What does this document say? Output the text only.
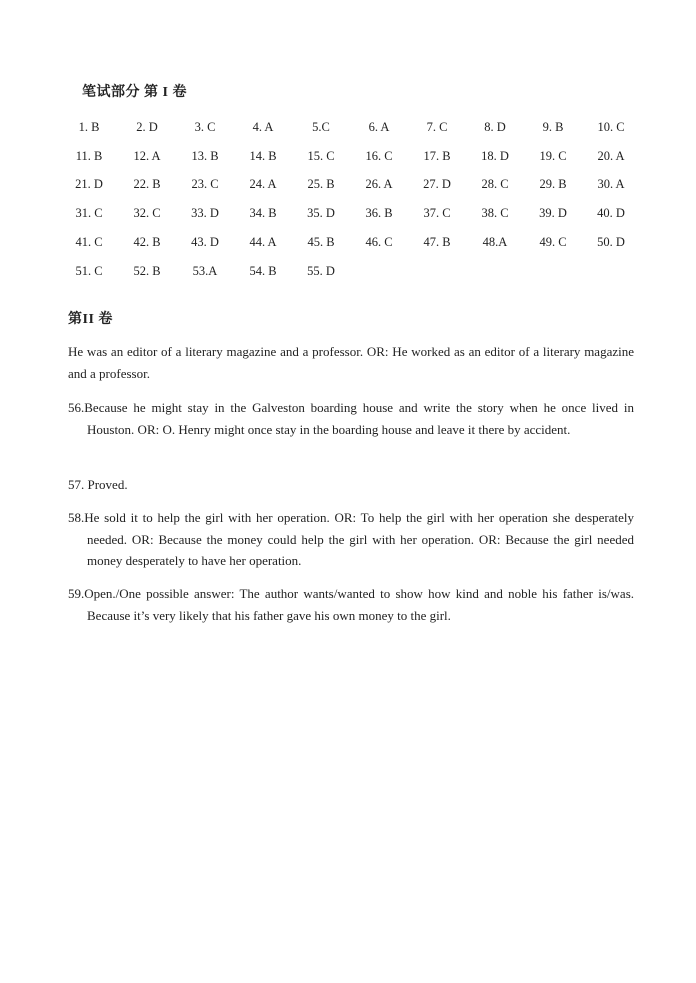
笔试部分 第 I 卷
1. B	2. D	3. C	4. A	5.C	6. A	7. C	8. D	9. B	10. C
11. B	12. A	13. B	14. B	15. C	16. C	17. B	18. D	19. C	20. A
21. D	22. B	23. C	24. A	25. B	26. A	27. D	28. C	29. B	30. A
31. C	32. C	33. D	34. B	35. D	36. B	37. C	38. C	39. D	40. D
41. C	42. B	43. D	44. A	45. B	46. C	47. B	48.A	49. C	50. D
51. C	52. B	53.A	54. B	55. D
第II 卷

He was an editor of a literary magazine and a professor. OR: He worked as an editor of a literary magazine and a professor.

56.Because he might stay in the Galveston boarding house and write the story when he once lived in Houston. OR: O. Henry might once stay in the boarding house and leave it there by accident.

57. Proved.

58.He sold it to help the girl with her operation. OR: To help the girl with her operation she desperately needed. OR: Because the money could help the girl with her operation. OR: Because the girl needed money desperately to have her operation.

59.Open./One possible answer: The author wants/wanted to show how kind and noble his father is/was. Because it’s very likely that his father gave his own money to the girl.
